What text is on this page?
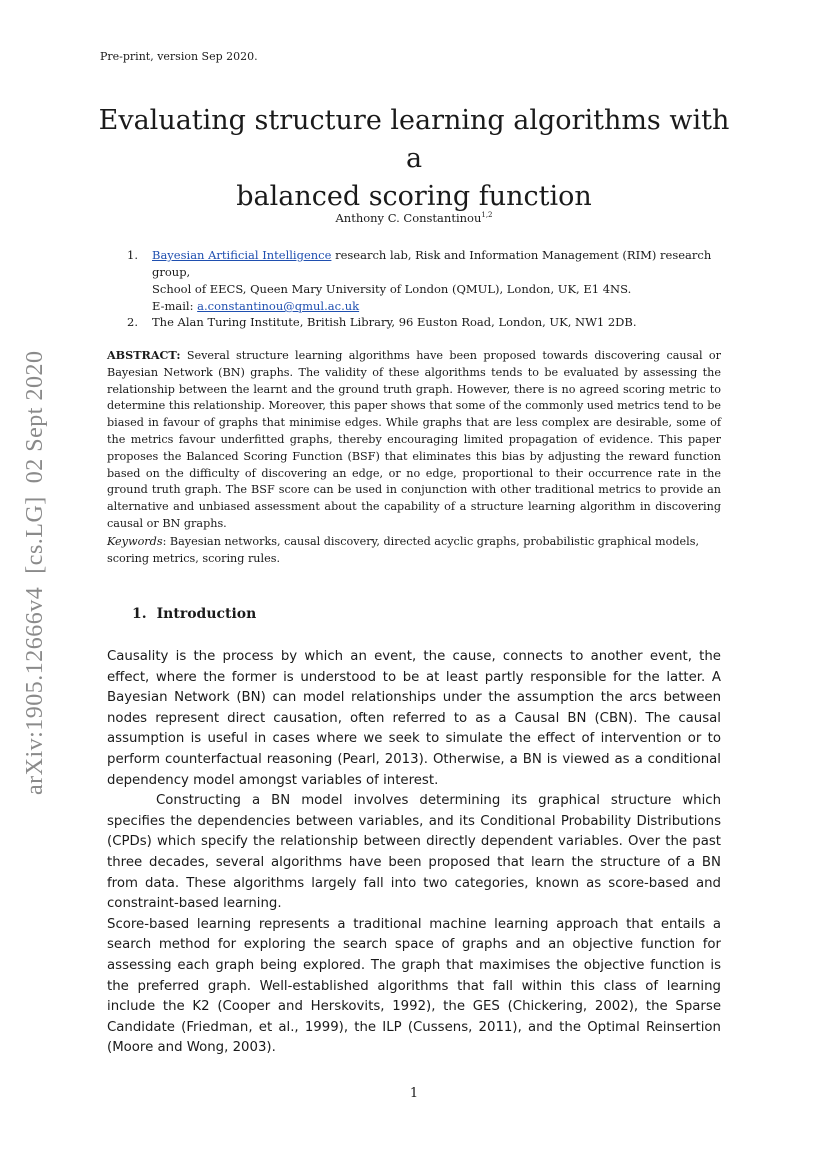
Pre-print, version Sep 2020.
Evaluating structure learning algorithms with a
balanced scoring function
Anthony C. Constantinou$^{1,2}$
1. Bayesian Artificial Intelligence research lab, Risk and Information Management (RIM) research group,
School of EECS, Queen Mary University of London (QMUL), London, UK, E1 4NS.
E-mail: a.constantinou@qmul.ac.uk
2. The Alan Turing Institute, British Library, 96 Euston Road, London, UK, NW1 2DB.
ABSTRACT: Several structure learning algorithms have been proposed towards discovering causal or Bayesian Network (BN) graphs. The validity of these algorithms tends to be evaluated by assessing the relationship between the learnt and the ground truth graph. However, there is no agreed scoring metric to determine this relationship. Moreover, this paper shows that some of the commonly used metrics tend to be biased in favour of graphs that minimise edges. While graphs that are less complex are desirable, some of the metrics favour underfitted graphs, thereby encouraging limited propagation of evidence. This paper proposes the Balanced Scoring Function (BSF) that eliminates this bias by adjusting the reward function based on the difficulty of discovering an edge, or no edge, proportional to their occurrence rate in the ground truth graph. The BSF score can be used in conjunction with other traditional metrics to provide an alternative and unbiased assessment about the capability of a structure learning algorithm in discovering causal or BN graphs.
Keywords: Bayesian networks, causal discovery, directed acyclic graphs, probabilistic graphical models, scoring metrics, scoring rules.
1. Introduction

Causality is the process by which an event, the cause, connects to another event, the effect, where the former is understood to be at least partly responsible for the latter. A Bayesian Network (BN) can model relationships under the assumption the arcs between nodes represent direct causation, often referred to as a Causal BN (CBN). The causal assumption is useful in cases where we seek to simulate the effect of intervention or to perform counterfactual reasoning (Pearl, 2013). Otherwise, a BN is viewed as a conditional dependency model amongst variables of interest.

Constructing a BN model involves determining its graphical structure which specifies the dependencies between variables, and its Conditional Probability Distributions (CPDs) which specify the relationship between directly dependent variables. Over the past three decades, several algorithms have been proposed that learn the structure of a BN from data. These algorithms largely fall into two categories, known as score-based and constraint-based learning.

Score-based learning represents a traditional machine learning approach that entails a search method for exploring the search space of graphs and an objective function for assessing each graph being explored. The graph that maximises the objective function is the preferred graph. Well-established algorithms that fall within this class of learning include the K2 (Cooper and Herskovits, 1992), the GES (Chickering, 2002), the Sparse Candidate (Friedman, et al., 1999), the ILP (Cussens, 2011), and the Optimal Reinsertion (Moore and Wong, 2003).

arXiv:1905.12666v4  [cs.LG]  02 Sept 2020
1
